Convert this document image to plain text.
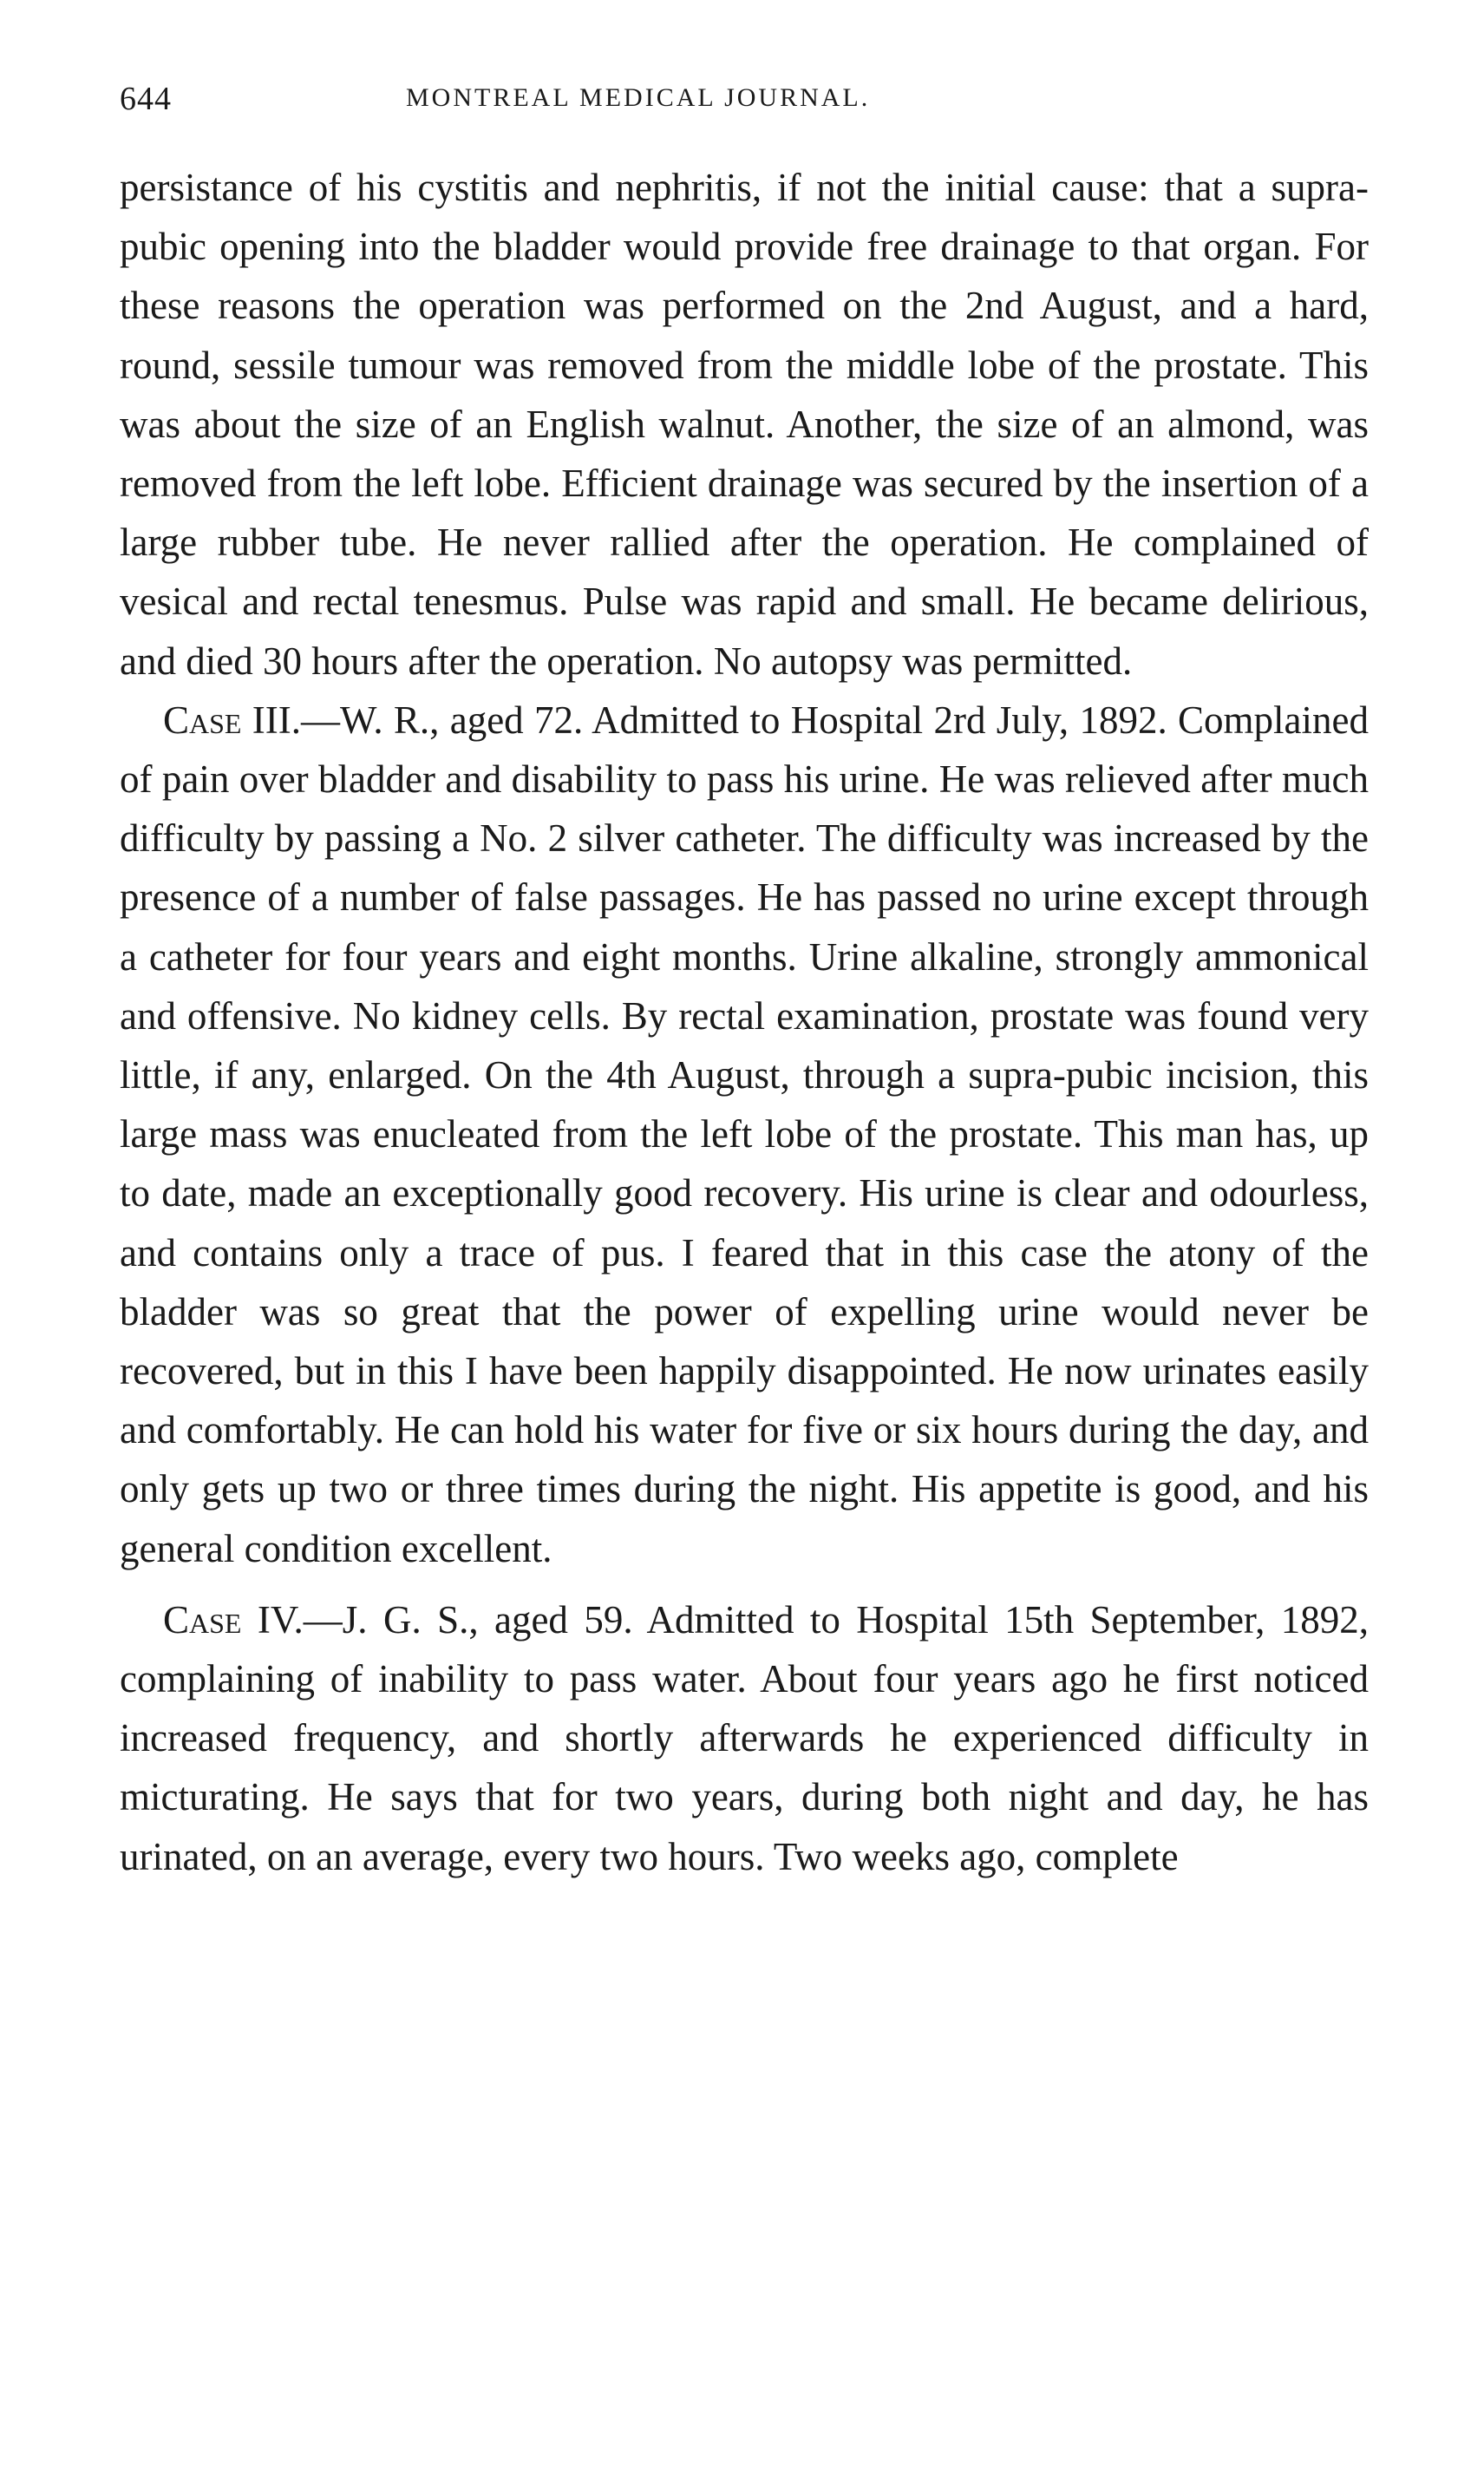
644	MONTREAL MEDICAL JOURNAL.

persistance of his cystitis and nephritis, if not the initial cause: that a supra-pubic opening into the bladder would provide free drainage to that organ. For these reasons the operation was performed on the 2nd August, and a hard, round, sessile tumour was removed from the middle lobe of the prostate. This was about the size of an English walnut. Another, the size of an almond, was removed from the left lobe. Efficient drainage was secured by the insertion of a large rubber tube. He never rallied after the operation. He complained of vesical and rectal tenesmus. Pulse was rapid and small. He became delirious, and died 30 hours after the operation. No autopsy was permitted.

Case III.—W. R., aged 72. Admitted to Hospital 2rd July, 1892. Complained of pain over bladder and disability to pass his urine. He was relieved after much difficulty by passing a No. 2 silver catheter. The difficulty was increased by the presence of a number of false passages. He has passed no urine except through a catheter for four years and eight months. Urine alkaline, strongly ammonical and offensive. No kidney cells. By rectal examination, prostate was found very little, if any, enlarged. On the 4th August, through a supra-pubic incision, this large mass was enucleated from the left lobe of the prostate. This man has, up to date, made an exceptionally good recovery. His urine is clear and odourless, and contains only a trace of pus. I feared that in this case the atony of the bladder was so great that the power of expelling urine would never be recovered, but in this I have been happily disappointed. He now urinates easily and comfortably. He can hold his water for five or six hours during the day, and only gets up two or three times during the night. His appetite is good, and his general condition excellent.

Case IV.—J. G. S., aged 59. Admitted to Hospital 15th September, 1892, complaining of inability to pass water. About four years ago he first noticed increased frequency, and shortly afterwards he experienced difficulty in micturating. He says that for two years, during both night and day, he has urinated, on an average, every two hours. Two weeks ago, complete
